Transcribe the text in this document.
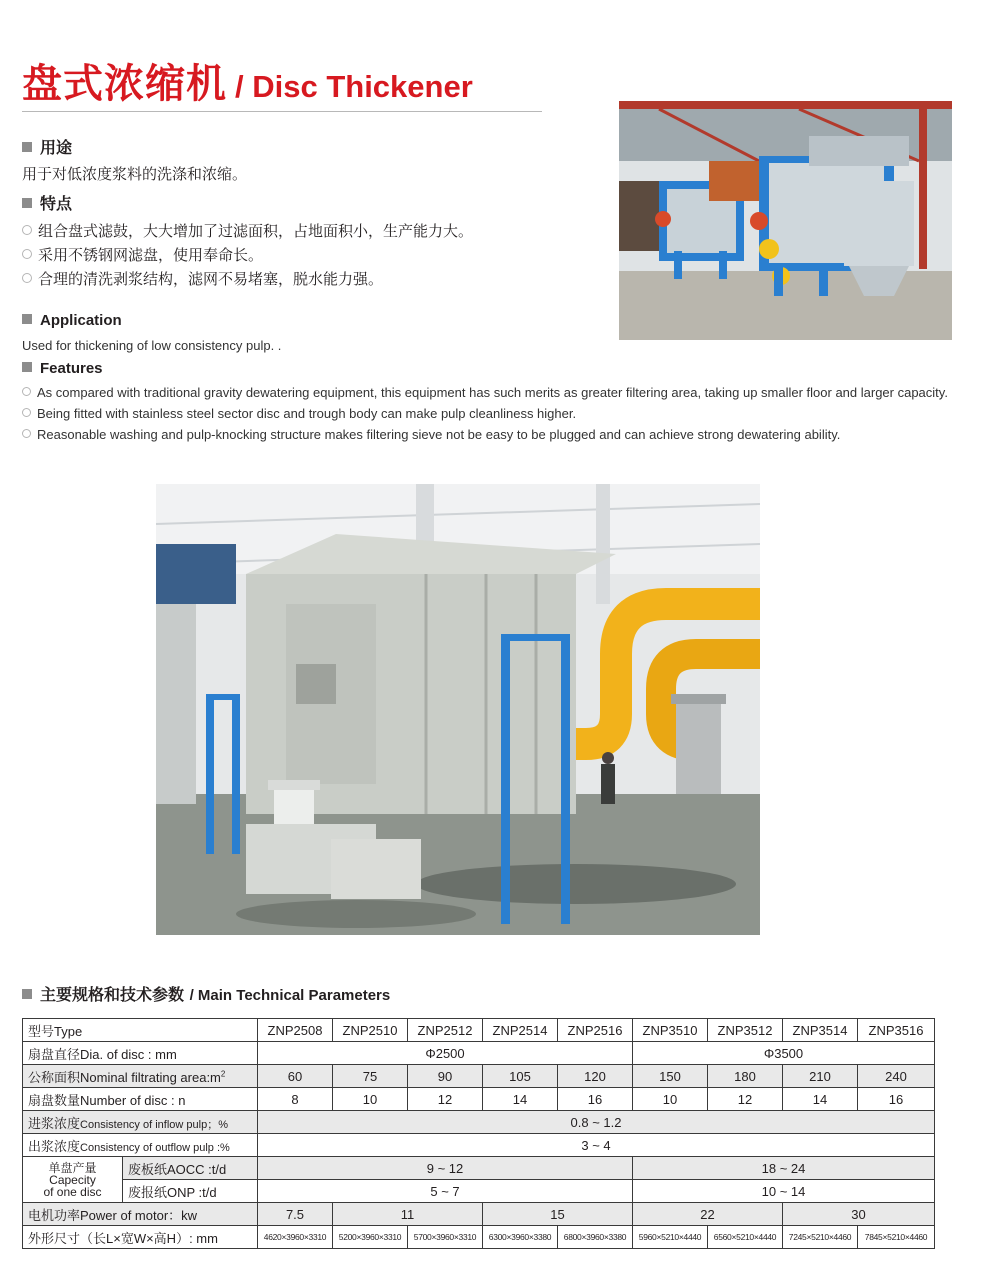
盘式浓缩机 / Disc Thickener
用途
用于对低浓度浆料的洗涤和浓缩。
特点
组合盘式滤鼓，大大增加了过滤面积，占地面积小，生产能力大。
采用不锈钢网滤盘，使用奉命长。
合理的清洗剥浆结构，滤网不易堵塞，脱水能力强。
Application
Used for thickening of low consistency pulp. .
Features
As compared with traditional gravity dewatering equipment, this equipment has such merits as greater filtering area, taking up smaller floor and larger capacity.
Being fitted with stainless steel sector disc and trough body can make pulp cleanliness higher.
Reasonable washing and pulp-knocking structure makes filtering sieve not be easy to be plugged and can achieve strong dewatering ability.
主要规格和技术参数 / Main Technical Parameters
型号Type		ZNP2508	ZNP2510	ZNP2512	ZNP2514	ZNP2516	ZNP3510	ZNP3512	ZNP3514	ZNP3516
扇盘直径Dia. of disc : mm		Φ2500					Φ3500			
公称面积Nominal filtrating $area:m^2$		60	75	90	105	120	150	180	210	240
扇盘数量Number of disc : n		8	10	12	14	16	10	12	14	16
进浆浓度Consistency of inflow pulp；%		0.8 ~ 1.2								
出浆浓度Consistency of outflow pulp :%		3 ~ 4								

单盘产量
Capecity
of one disc	废板纸AOCC :t/d	9 ~ 12					18 ~ 24			
	废报纸ONP :t/d	5 ~ 7					10 ~ 14			
电机功率Power of motor：kw		7.5	11		15		22		30	
外形尺寸（长L×宽W×高H）: mm		4620×3960×3310	5200×3960×3310	5700×3960×3310	6300×3960×3380	6800×3960×3380	5960×5210×4440	6560×5210×4440	7245×5210×4460	7845×5210×4460
